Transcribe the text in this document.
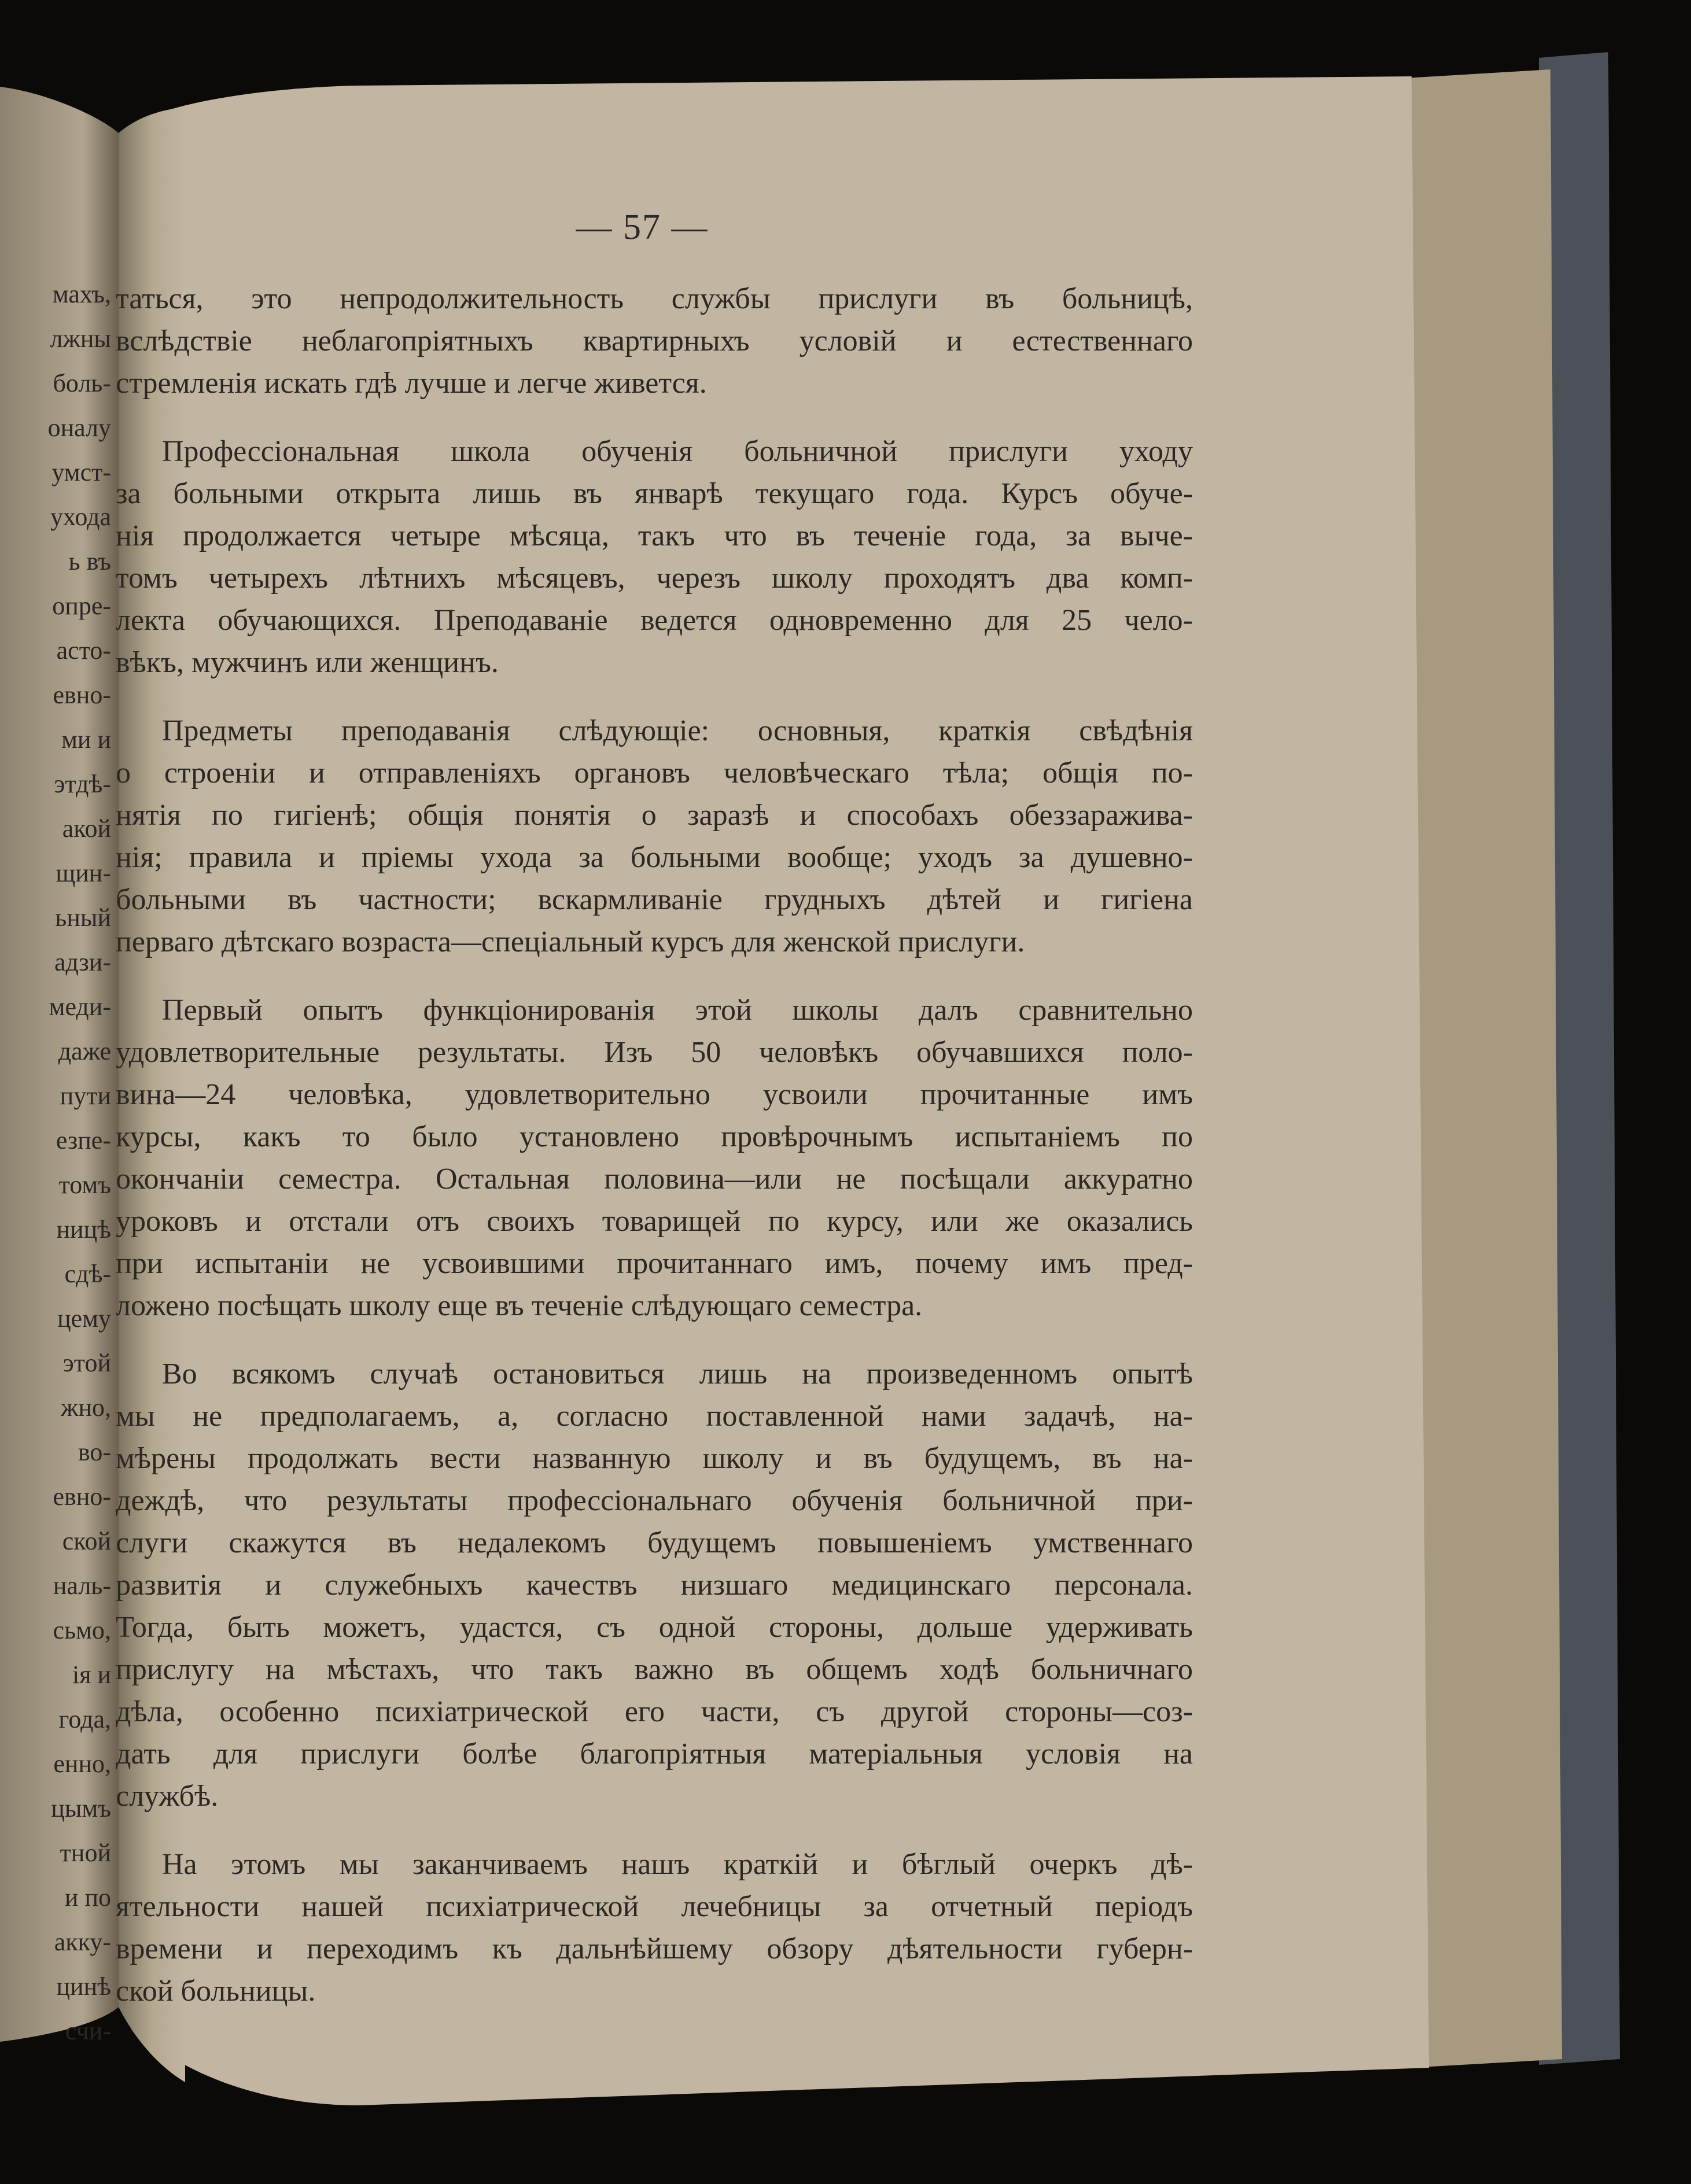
махъ,
лжны
боль-
оналу
умст-
ухода
ь въ
опре-
асто-
евно-
ми и
этдѣ-
акой
щин-
ьный
адзи-
меди-
даже
пути
езпе-
томъ
ницѣ
сдѣ-
цему
этой
жно,
во-
евно-
ской
наль-
сьмо,
ія и
года,
енно,
цымъ
тной
и по
акку-
цинѣ
счи-
— 57 —
таться, это непродолжительность службы прислуги въ больницѣ,
вслѣдствіе неблагопріятныхъ квартирныхъ условій и естественнаго
стремленія искать гдѣ лучше и легче живется.
Профессіональная школа обученія больничной прислуги уходу
за больными открыта лишь въ январѣ текущаго года. Курсъ обуче-
нія продолжается четыре мѣсяца, такъ что въ теченіе года, за выче-
томъ четырехъ лѣтнихъ мѣсяцевъ, черезъ школу проходятъ два комп-
лекта обучающихся. Преподаваніе ведется одновременно для 25 чело-
вѣкъ, мужчинъ или женщинъ.
Предметы преподаванія слѣдующіе: основныя, краткія свѣдѣнія
о строеніи и отправленіяхъ органовъ человѣческаго тѣла; общія по-
нятія по гигіенѣ; общія понятія о заразѣ и способахъ обеззаражива-
нія; правила и пріемы ухода за больными вообще; уходъ за душевно-
больными въ частности; вскармливаніе грудныхъ дѣтей и гигіена
перваго дѣтскаго возраста—спеціальный курсъ для женской прислуги.
Первый опытъ функціонированія этой школы далъ сравнительно
удовлетворительные результаты. Изъ 50 человѣкъ обучавшихся поло-
вина—24 человѣка, удовлетворительно усвоили прочитанные имъ
курсы, какъ то было установлено провѣрочнымъ испытаніемъ по
окончаніи семестра. Остальная половина—или не посѣщали аккуратно
уроковъ и отстали отъ своихъ товарищей по курсу, или же оказались
при испытаніи не усвоившими прочитаннаго имъ, почему имъ пред-
ложено посѣщать школу еще въ теченіе слѣдующаго семестра.
Во всякомъ случаѣ остановиться лишь на произведенномъ опытѣ
мы не предполагаемъ, а, согласно поставленной нами задачѣ, на-
мѣрены продолжать вести названную школу и въ будущемъ, въ на-
деждѣ, что результаты профессіональнаго обученія больничной при-
слуги скажутся въ недалекомъ будущемъ повышеніемъ умственнаго
развитія и служебныхъ качествъ низшаго медицинскаго персонала.
Тогда, быть можетъ, удастся, съ одной стороны, дольше удерживать
прислугу на мѣстахъ, что такъ важно въ общемъ ходѣ больничнаго
дѣла, особенно психіатрической его части, съ другой стороны—соз-
дать для прислуги болѣе благопріятныя матеріальныя условія на
службѣ.
На этомъ мы заканчиваемъ нашъ краткій и бѣглый очеркъ дѣ-
ятельности нашей психіатрической лечебницы за отчетный періодъ
времени и переходимъ къ дальнѣйшему обзору дѣятельности губерн-
ской больницы.
